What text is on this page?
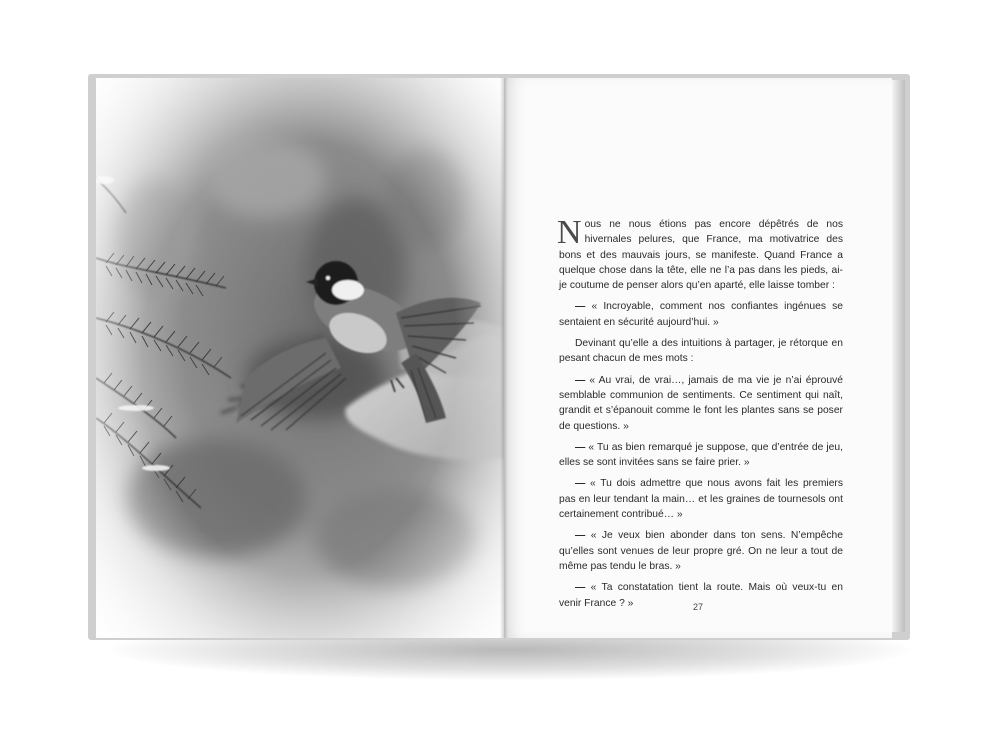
Nous ne nous étions pas encore dépêtrés de nos hivernales pelures, que France, ma motivatrice des bons et des mauvais jours, se manifeste. Quand France a quelque chose dans la tête, elle ne l’a pas dans les pieds, ai-je coutume de penser alors qu’en aparté, elle laisse tomber :

— « Incroyable, comment nos confiantes ingénues se sentaient en sécurité aujourd’hui. »

Devinant qu’elle a des intuitions à partager, je rétorque en pesant chacun de mes mots :

— « Au vrai, de vrai…, jamais de ma vie je n’ai éprouvé semblable communion de sentiments. Ce sentiment qui naît, grandit et s’épanouit comme le font les plantes sans se poser de questions. »

— « Tu as bien remarqué je suppose, que d’entrée de jeu, elles se sont invitées sans se faire prier. »

— « Tu dois admettre que nous avons fait les premiers pas en leur tendant la main… et les graines de tournesols ont certainement contribué… »

— « Je veux bien abonder dans ton sens. N’empêche qu’elles sont venues de leur propre gré. On ne leur a tout de même pas tendu le bras. »

— « Ta constatation tient la route. Mais où veux-tu en venir France ? »	27
